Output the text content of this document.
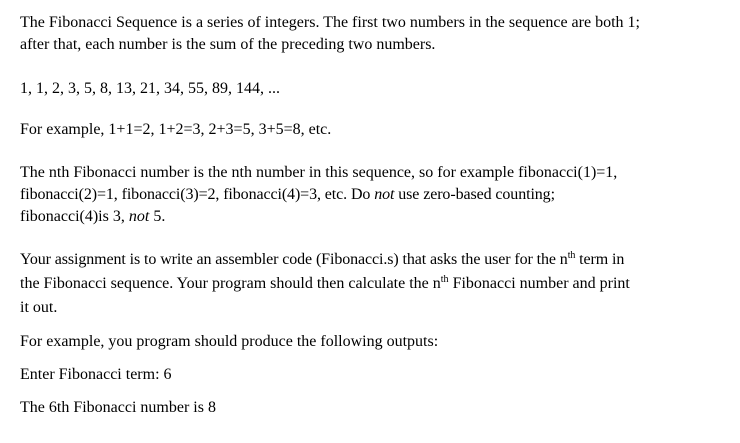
The Fibonacci Sequence is a series of integers. The first two numbers in the sequence are both 1;
after that, each number is the sum of the preceding two numbers.

1, 1, 2, 3, 5, 8, 13, 21, 34, 55, 89, 144, ...

For example, 1+1=2, 1+2=3, 2+3=5, 3+5=8, etc.

The nth Fibonacci number is the nth number in this sequence, so for example fibonacci(1)=1,
fibonacci(2)=1, fibonacci(3)=2, fibonacci(4)=3, etc. Do not use zero-based counting;
fibonacci(4)is 3, not 5.

Your assignment is to write an assembler code (Fibonacci.s) that asks the user for the $n^{th}$ term in
the Fibonacci sequence. Your program should then calculate the $n^{th}$ Fibonacci number and print
it out.

For example, you program should produce the following outputs:

Enter Fibonacci term: 6

The 6th Fibonacci number is 8
